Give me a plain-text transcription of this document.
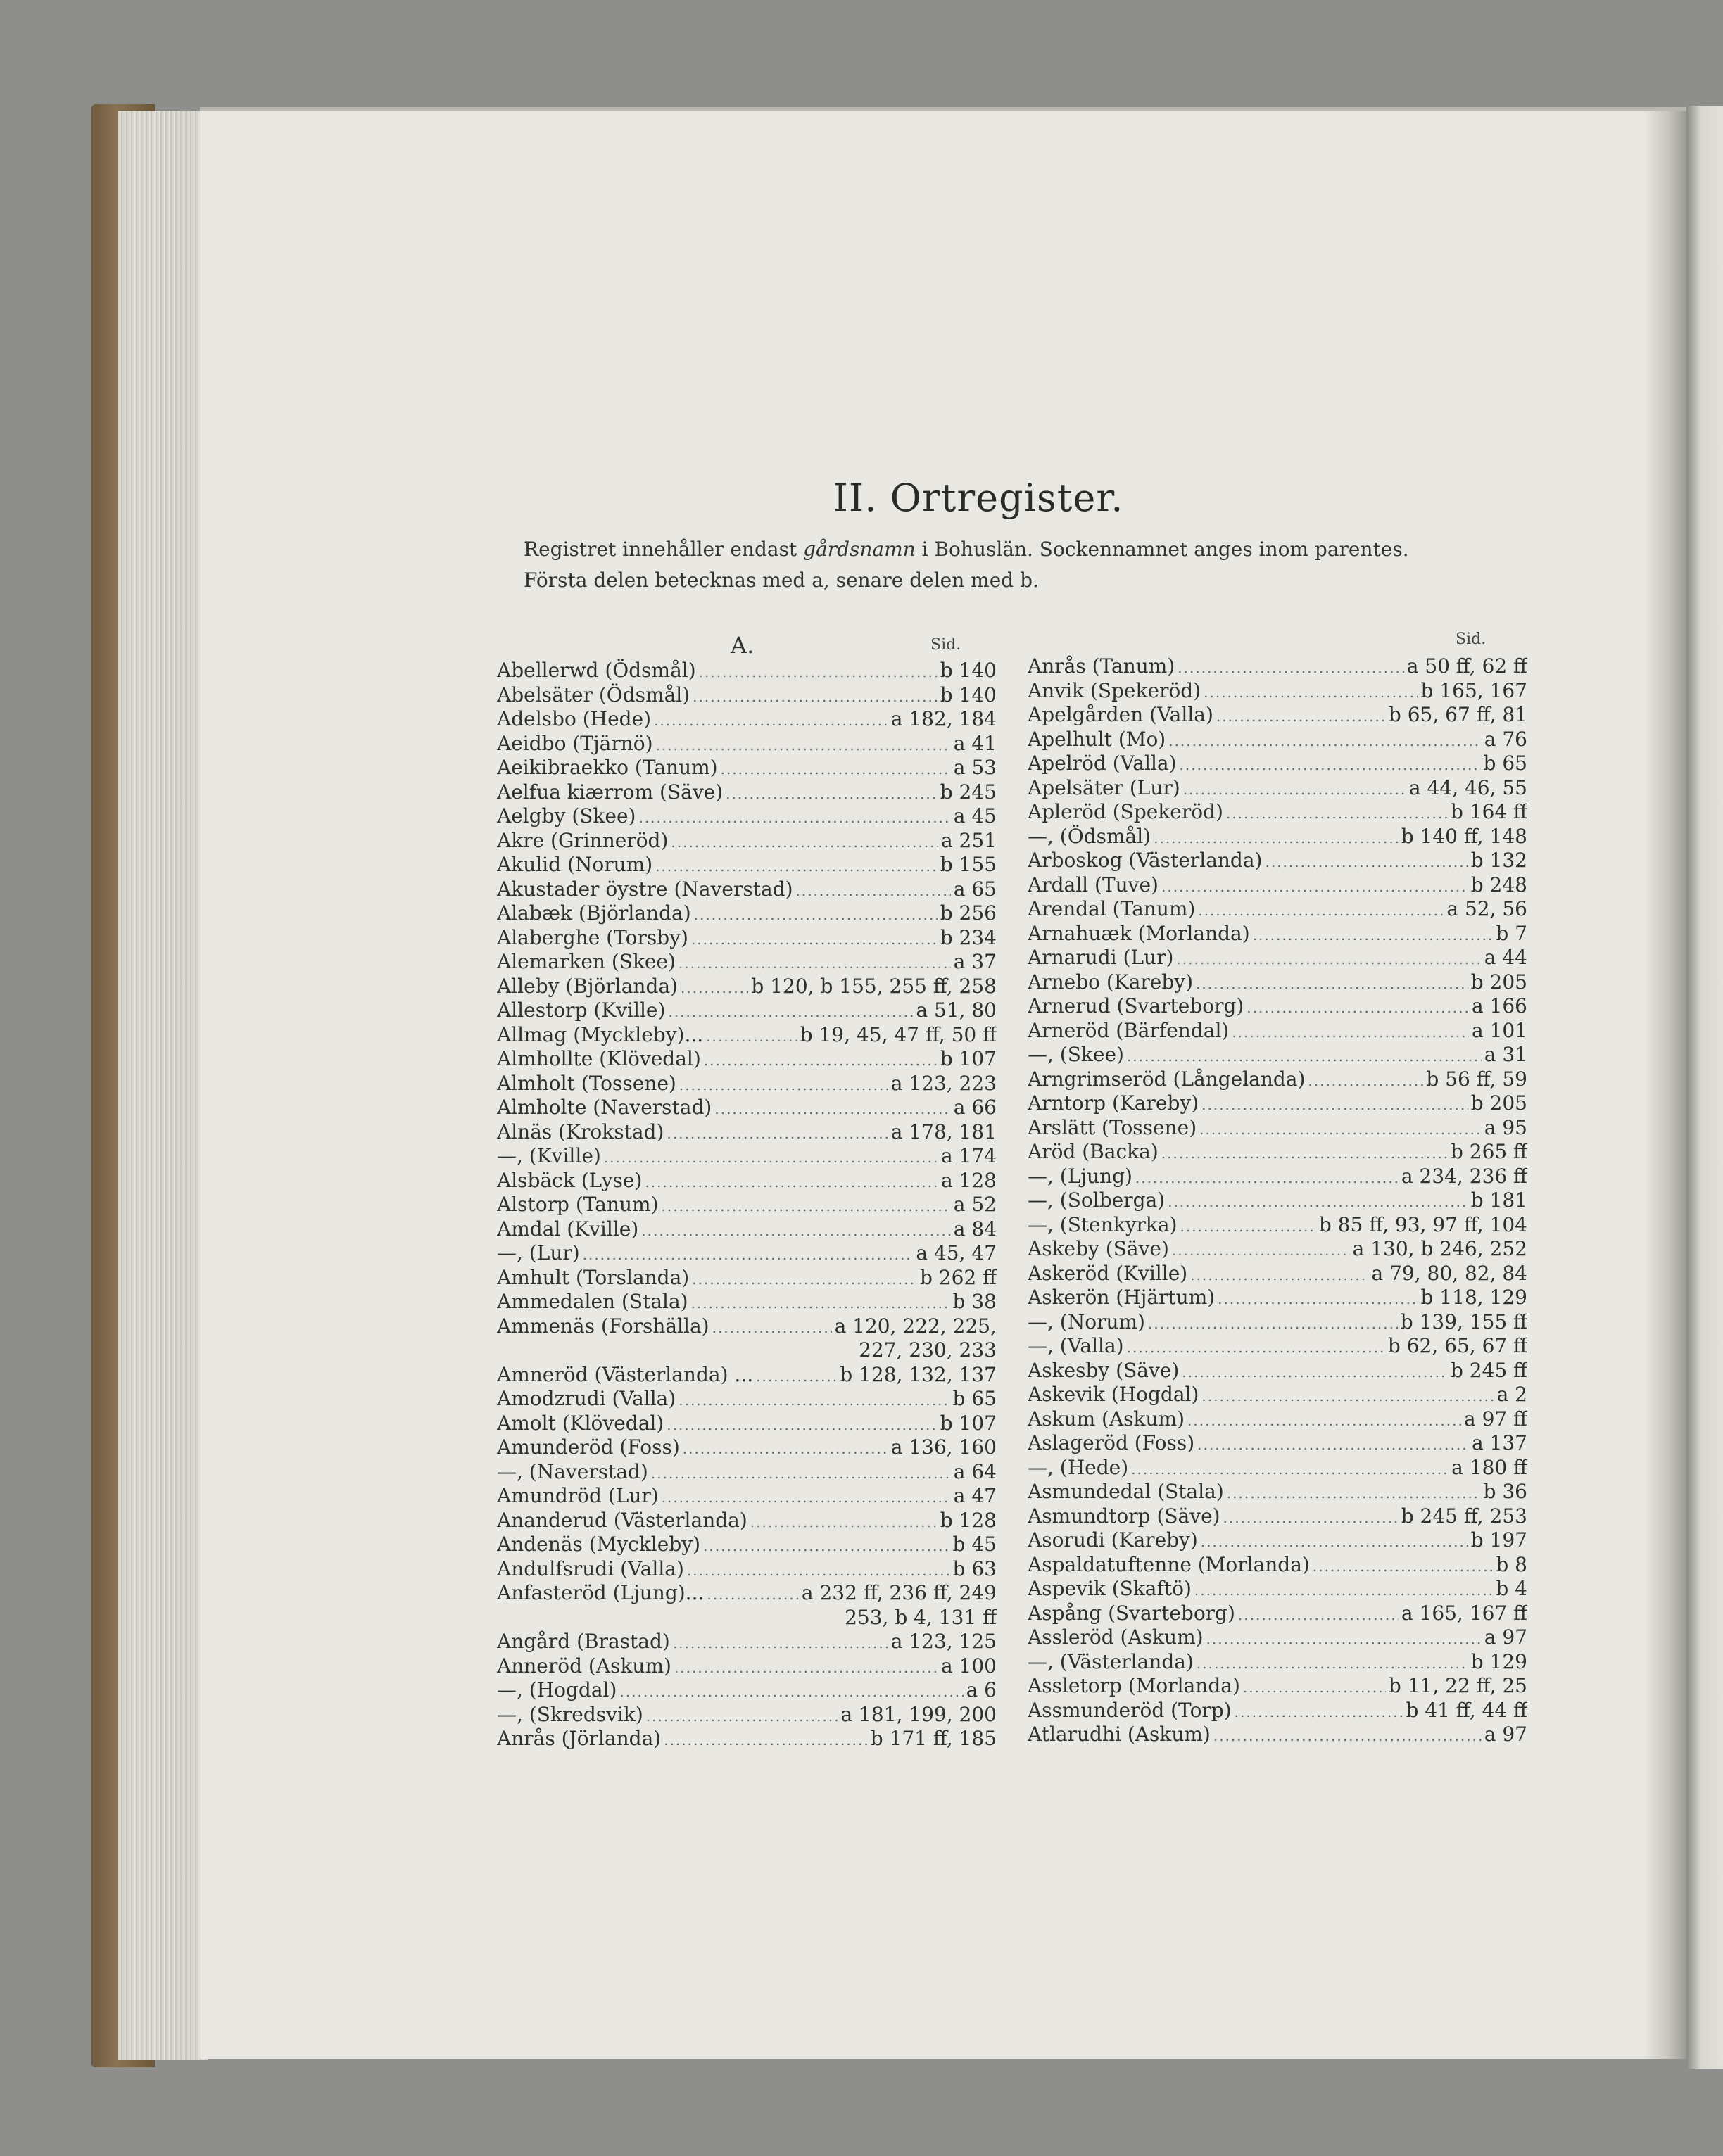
II. Ortregister.

Registret innehåller endast gårdsnamn i Bohuslän. Sockennamnet anges inom parentes.

Första delen betecknas med a, senare delen med b.

A.	Sid.	Sid.
Abellerwd (Ödsmål) .....	b 140
Abelsäter (Ödsmål) .....	b 140
Adelsbo (Hede) .....	a 182, 184
Aeidbo (Tjärnö) .....	a 41
Aeikibraekko (Tanum) .....	a 53
Aelfua kiærrom (Säve) .....	b 245
Aelgby (Skee) .....	a 45
Akre (Grinneröd) .....	a 251
Akulid (Norum) .....	b 155
Akustader öystre (Naverstad) .....	a 65
Alabæk (Björlanda) .....	b 256
Alaberghe (Torsby) .....	b 234
Alemarken (Skee) .....	a 37
Alleby (Björlanda) .....	b 120, b 155, 255 ff, 258
Allestorp (Kville) .....	a 51, 80
Allmag (Myckleby)... .....	b 19, 45, 47 ff, 50 ff
Almhollte (Klövedal) .....	b 107
Almholt (Tossene) .....	a 123, 223
Almholte (Naverstad) .....	a 66
Alnäs (Krokstad) .....	a 178, 181
—, (Kville) .....	a 174
Alsbäck (Lyse) .....	a 128
Alstorp (Tanum) .....	a 52
Amdal (Kville) .....	a 84
—, (Lur) .....	a 45, 47
Amhult (Torslanda) .....	b 262 ff
Ammedalen (Stala) .....	b 38
Ammenäs (Forshälla) .....	a 120, 222, 225,
227, 230, 233
Amneröd (Västerlanda) ... .....	b 128, 132, 137
Amodzrudi (Valla) .....	b 65
Amolt (Klövedal) .....	b 107
Amunderöd (Foss) .....	a 136, 160
—, (Naverstad) .....	a 64
Amundröd (Lur) .....	a 47
Ananderud (Västerlanda) .....	b 128
Andenäs (Myckleby) .....	b 45
Andulfsrudi (Valla) .....	b 63
Anfasteröd (Ljung)... .....	a 232 ff, 236 ff, 249
253, b 4, 131 ff
Angård (Brastad) .....	a 123, 125
Anneröd (Askum) .....	a 100
—, (Hogdal) .....	a 6
—, (Skredsvik) .....	a 181, 199, 200
Anrås (Jörlanda) .....	b 171 ff, 185
Anrås (Tanum) .....	a 50 ff, 62 ff
Anvik (Spekeröd) .....	b 165, 167
Apelgården (Valla) .....	b 65, 67 ff, 81
Apelhult (Mo) .....	a 76
Apelröd (Valla) .....	b 65
Apelsäter (Lur) .....	a 44, 46, 55
Apleröd (Spekeröd) .....	b 164 ff
—, (Ödsmål) .....	b 140 ff, 148
Arboskog (Västerlanda) .....	b 132
Ardall (Tuve) .....	b 248
Arendal (Tanum) .....	a 52, 56
Arnahuæk (Morlanda) .....	b 7
Arnarudi (Lur) .....	a 44
Arnebo (Kareby) .....	b 205
Arnerud (Svarteborg) .....	a 166
Arneröd (Bärfendal) .....	a 101
—, (Skee) .....	a 31
Arngrimseröd (Långelanda) .....	b 56 ff, 59
Arntorp (Kareby) .....	b 205
Arslätt (Tossene) .....	a 95
Aröd (Backa) .....	b 265 ff
—, (Ljung) .....	a 234, 236 ff
—, (Solberga) .....	b 181
—, (Stenkyrka) .....	b 85 ff, 93, 97 ff, 104
Askeby (Säve) .....	a 130, b 246, 252
Askeröd (Kville) .....	a 79, 80, 82, 84
Askerön (Hjärtum) .....	b 118, 129
—, (Norum) .....	b 139, 155 ff
—, (Valla) .....	b 62, 65, 67 ff
Askesby (Säve) .....	b 245 ff
Askevik (Hogdal) .....	a 2
Askum (Askum) .....	a 97 ff
Aslageröd (Foss) .....	a 137
—, (Hede) .....	a 180 ff
Asmundedal (Stala) .....	b 36
Asmundtorp (Säve) .....	b 245 ff, 253
Asorudi (Kareby) .....	b 197
Aspaldatuftenne (Morlanda) .....	b 8
Aspevik (Skaftö) .....	b 4
Aspång (Svarteborg) .....	a 165, 167 ff
Assleröd (Askum) .....	a 97
—, (Västerlanda) .....	b 129
Assletorp (Morlanda) .....	b 11, 22 ff, 25
Assmunderöd (Torp) .....	b 41 ff, 44 ff
Atlarudhi (Askum) .....	a 97
